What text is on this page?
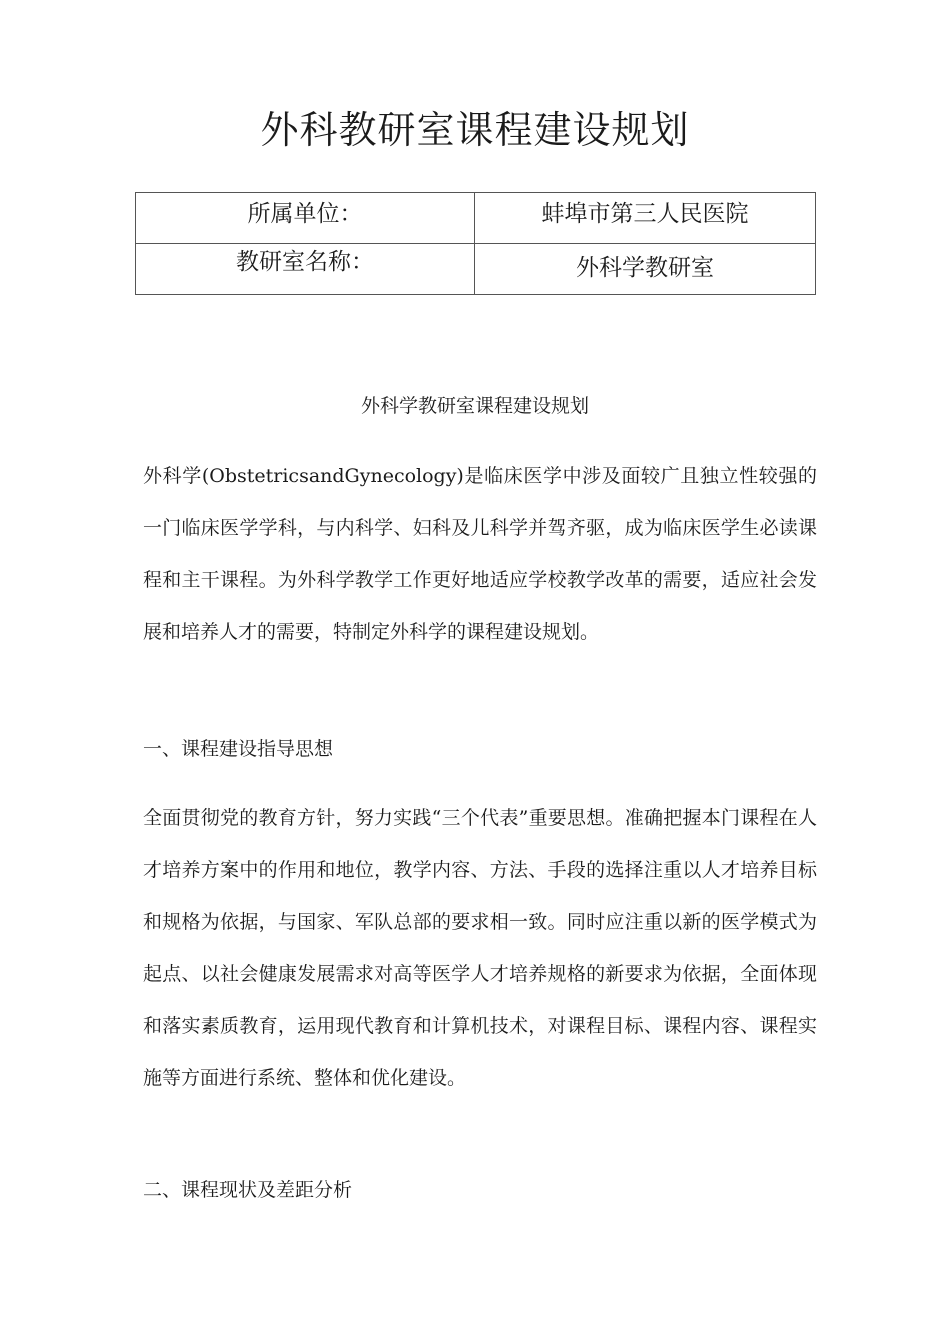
外科教研室课程建设规划
所属单位：	蚌埠市第三人民医院
教研室名称：	外科学教研室
外科学教研室课程建设规划

外科学(ObstetricsandGynecology)是临床医学中涉及面较广且独立性较强的一门临床医学学科，与内科学、妇科及儿科学并驾齐驱，成为临床医学生必读课程和主干课程。为外科学教学工作更好地适应学校教学改革的需要，适应社会发展和培养人才的需要，特制定外科学的课程建设规划。

一、课程建设指导思想

全面贯彻党的教育方针，努力实践“三个代表”重要思想。准确把握本门课程在人才培养方案中的作用和地位，教学内容、方法、手段的选择注重以人才培养目标和规格为依据，与国家、军队总部的要求相一致。同时应注重以新的医学模式为起点、以社会健康发展需求对高等医学人才培养规格的新要求为依据，全面体现和落实素质教育，运用现代教育和计算机技术，对课程目标、课程内容、课程实施等方面进行系统、整体和优化建设。

二、课程现状及差距分析
